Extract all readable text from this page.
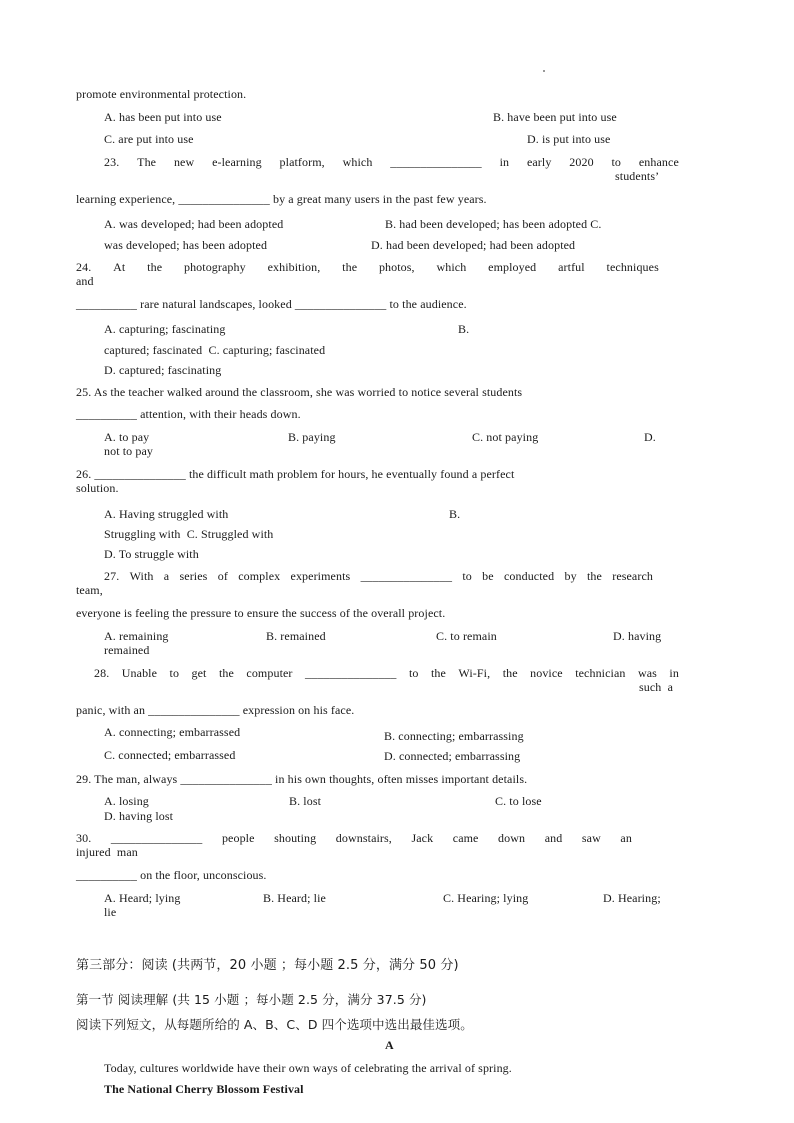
promote environmental protection.
A. has been put into use	B. have been put into use
C. are put into use	D. is put into use
23. The new e-learning platform, which _______________ in early 2020 to enhance
students’
learning experience, _______________ by a great many users in the past few years.
A. was developed; had been adopted	B. had been developed; has been adopted C.
was developed; has been adopted	D. had been developed; had been adopted
24. At the photography exhibition, the photos, which employed artful techniques
and
__________ rare natural landscapes, looked _______________ to the audience.
A. capturing; fascinating	B.
captured; fascinated  C. capturing; fascinated
D. captured; fascinating
25. As the teacher walked around the classroom, she was worried to notice several students
__________ attention, with their heads down.
A. to pay	B. paying	C. not paying	D.
not to pay
26. _______________ the difficult math problem for hours, he eventually found a perfect
solution.
A. Having struggled with	B.
Struggling with  C. Struggled with
D. To struggle with
27. With a series of complex experiments _______________ to be conducted by the research
team,
everyone is feeling the pressure to ensure the success of the overall project.
A. remaining	B. remained	C. to remain	D. having
remained
28. Unable to get the computer _______________ to the Wi-Fi, the novice technician was in
such  a
panic, with an _______________ expression on his face.
A. connecting; embarrassed	B. connecting; embarrassing
C. connected; embarrassed	D. connected; embarrassing
29. The man, always _______________ in his own thoughts, often misses important details.
A. losing	B. lost	C. to lose
D. having lost
30. _______________ people shouting downstairs, Jack came down and saw an
injured  man
__________ on the floor, unconscious.
A. Heard; lying	B. Heard; lie	C. Hearing; lying	D. Hearing;
lie
第三部分：阅读 (共两节，20 小题 ；每小题 2.5 分，满分 50 分)
第一节 阅读理解 (共 15 小题 ；每小题 2.5 分，满分 37.5 分)
阅读下列短文，从每题所给的 A、B、C、D 四个选项中选出最佳选项。
A
Today, cultures worldwide have their own ways of celebrating the arrival of spring.
The National Cherry Blossom Festival
